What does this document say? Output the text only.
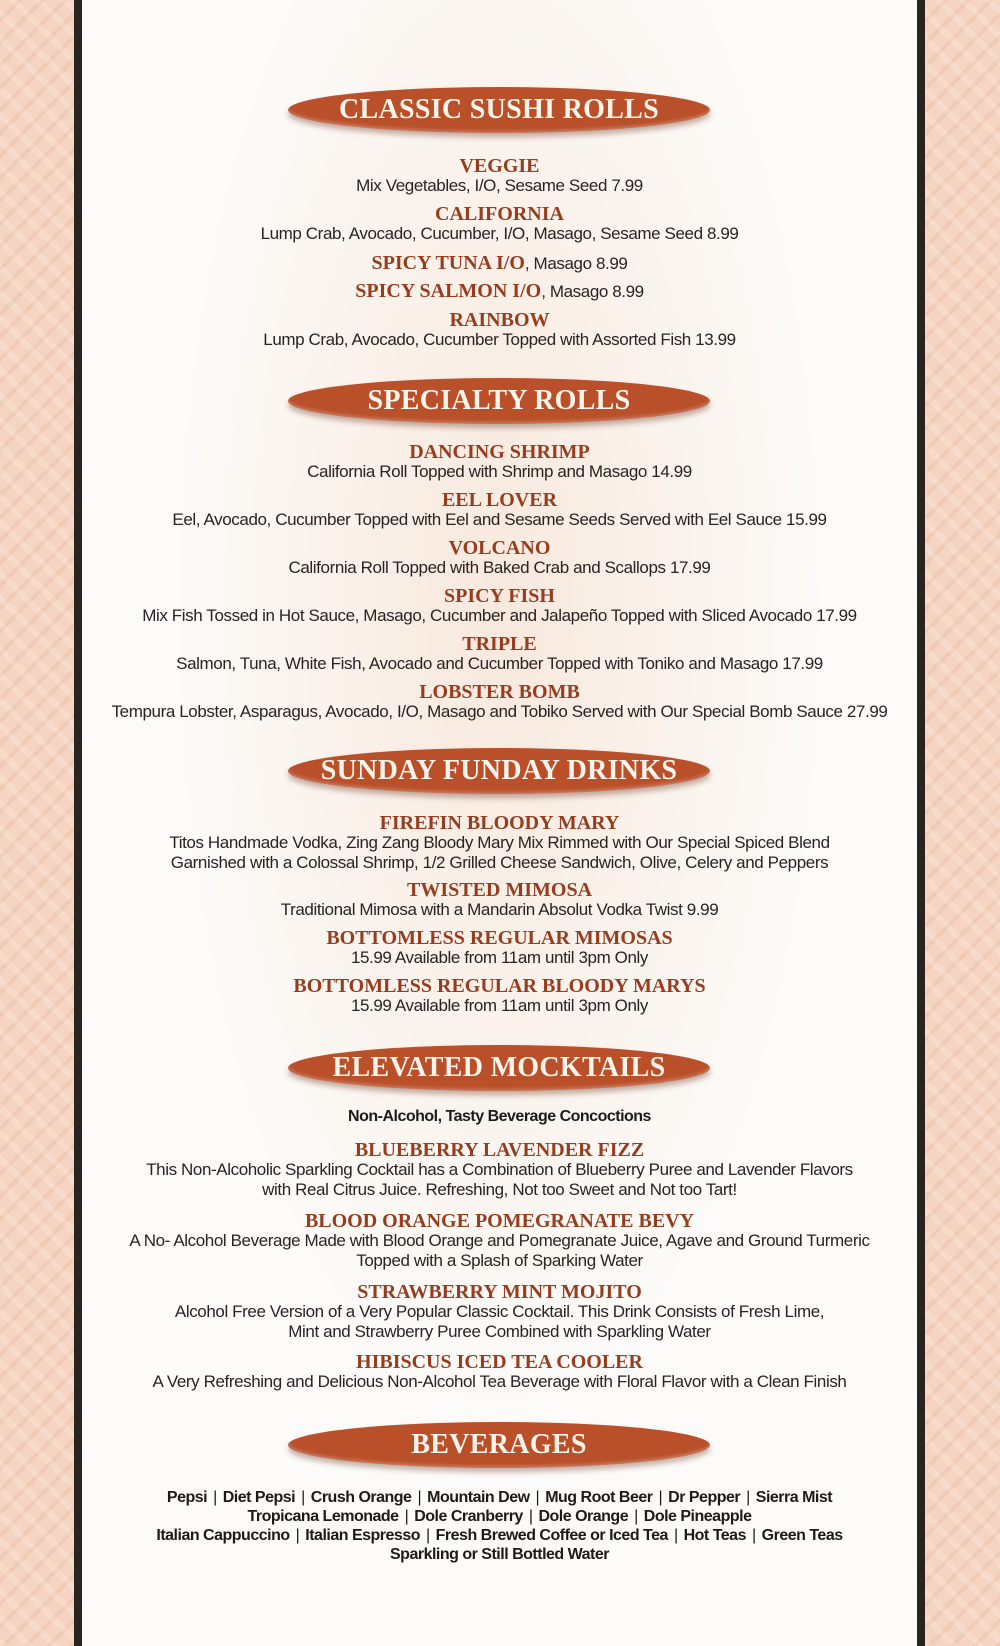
CLASSIC SUSHI ROLLS
VEGGIE
Mix Vegetables, I/O, Sesame Seed 7.99
CALIFORNIA
Lump Crab, Avocado, Cucumber, I/O, Masago, Sesame Seed 8.99
SPICY TUNA I/O, Masago 8.99
SPICY SALMON I/O, Masago 8.99
RAINBOW
Lump Crab, Avocado, Cucumber Topped with Assorted Fish 13.99
SPECIALTY ROLLS
DANCING SHRIMP
California Roll Topped with Shrimp and Masago 14.99
EEL LOVER
Eel, Avocado, Cucumber Topped with Eel and Sesame Seeds Served with Eel Sauce 15.99
VOLCANO
California Roll Topped with Baked Crab and Scallops 17.99
SPICY FISH
Mix Fish Tossed in Hot Sauce, Masago, Cucumber and Jalapeño Topped with Sliced Avocado 17.99
TRIPLE
Salmon, Tuna, White Fish, Avocado and Cucumber Topped with Toniko and Masago 17.99
LOBSTER BOMB
Tempura Lobster, Asparagus, Avocado, I/O, Masago and Tobiko Served with Our Special Bomb Sauce 27.99
SUNDAY FUNDAY DRINKS
FIREFIN BLOODY MARY
Titos Handmade Vodka, Zing Zang Bloody Mary Mix Rimmed with Our Special Spiced Blend
Garnished with a Colossal Shrimp, 1/2 Grilled Cheese Sandwich, Olive, Celery and Peppers
TWISTED MIMOSA
Traditional Mimosa with a Mandarin Absolut Vodka Twist 9.99
BOTTOMLESS REGULAR MIMOSAS
15.99 Available from 11am until 3pm Only
BOTTOMLESS REGULAR BLOODY MARYS
15.99 Available from 11am until 3pm Only
ELEVATED MOCKTAILS
Non-Alcohol, Tasty Beverage Concoctions
BLUEBERRY LAVENDER FIZZ
This Non-Alcoholic Sparkling Cocktail has a Combination of Blueberry Puree and Lavender Flavors
with Real Citrus Juice. Refreshing, Not too Sweet and Not too Tart!
BLOOD ORANGE POMEGRANATE BEVY
A No- Alcohol Beverage Made with Blood Orange and Pomegranate Juice, Agave and Ground Turmeric
Topped with a Splash of Sparking Water
STRAWBERRY MINT MOJITO
Alcohol Free Version of a Very Popular Classic Cocktail. This Drink Consists of Fresh Lime,
Mint and Strawberry Puree Combined with Sparkling Water
HIBISCUS ICED TEA COOLER
A Very Refreshing and Delicious Non-Alcohol Tea Beverage with Floral Flavor with a Clean Finish
BEVERAGES
Pepsi | Diet Pepsi | Crush Orange | Mountain Dew | Mug Root Beer | Dr Pepper | Sierra Mist
Tropicana Lemonade | Dole Cranberry | Dole Orange | Dole Pineapple
Italian Cappuccino | Italian Espresso | Fresh Brewed Coffee or Iced Tea | Hot Teas | Green Teas
Sparkling or Still Bottled Water
